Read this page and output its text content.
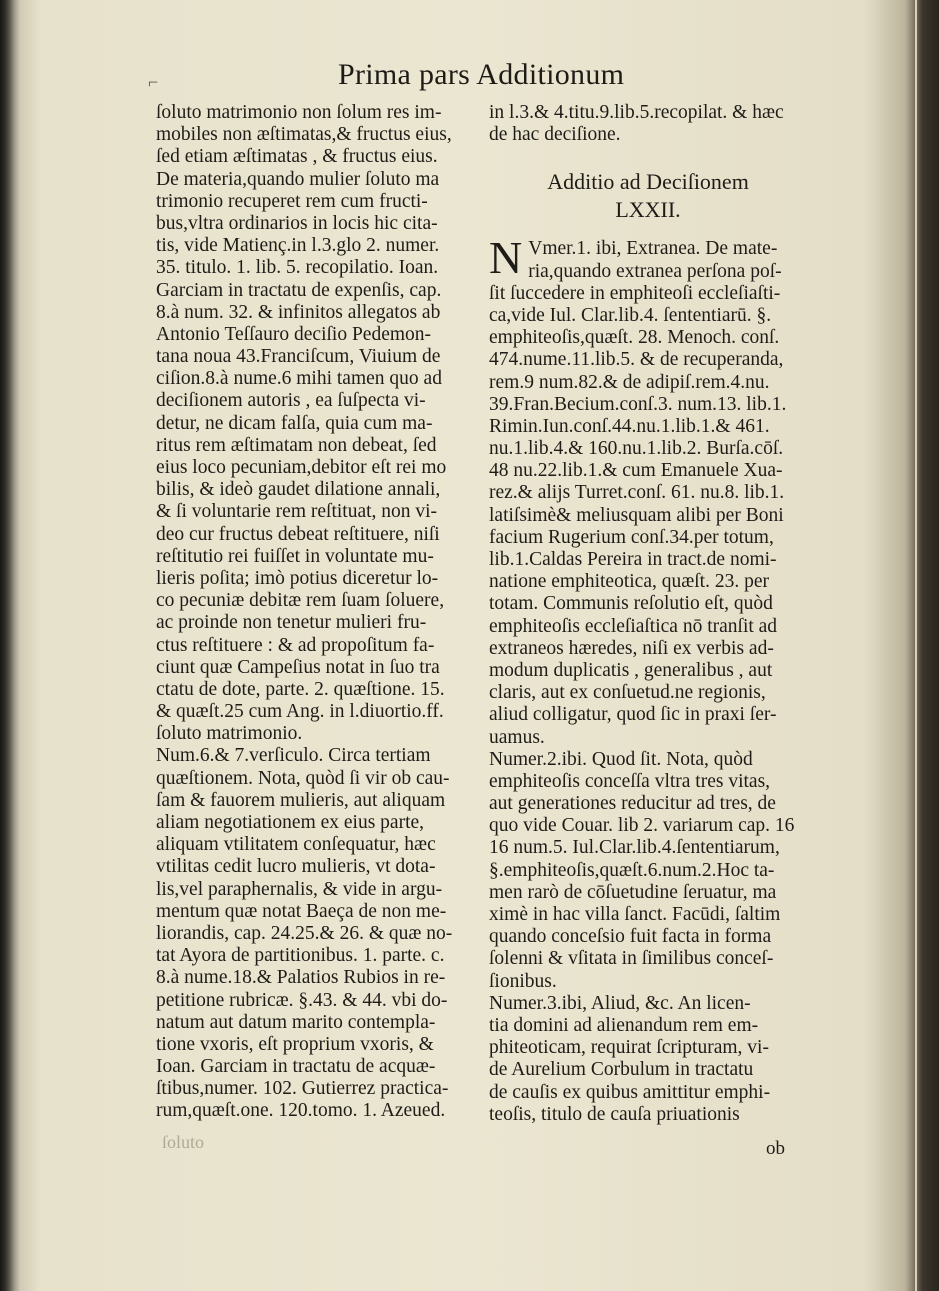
⌐	Prima pars Additionum
ſoluto matrimonio non ſolum res im-
mobiles non æſtimatas,& fructus eius,
ſed etiam æſtimatas , & fructus eius.
De materia,quando mulier ſoluto ma
trimonio recuperet rem cum fructi-
bus,vltra ordinarios in locis hic cita-
tis, vide Matienç.in l.3.glo 2. numer.
35. titulo. 1. lib. 5. recopilatio. Ioan.
Garciam in tractatu de expenſis, cap.
8.à num. 32. & infinitos allegatos ab
Antonio Teſſauro deciſio Pedemon-
tana noua 43.Franciſcum, Viuium de
ciſion.8.à nume.6 mihi tamen quo ad
deciſionem autoris , ea ſuſpecta vi-
detur, ne dicam falſa, quia cum ma-
ritus rem æſtimatam non debeat, ſed
eius loco pecuniam,debitor eſt rei mo
bilis, & ideò gaudet dilatione annali,
& ſi voluntarie rem reſtituat, non vi-
deo cur fructus debeat reſtituere, niſi
reſtitutio rei fuiſſet in voluntate mu-
lieris poſita; imò potius diceretur lo-
co pecuniæ debitæ rem ſuam ſoluere,
ac proinde non tenetur mulieri fru-
ctus reſtituere : & ad propoſitum fa-
ciunt quæ Campeſius notat in ſuo tra
ctatu de dote, parte. 2. quæſtione. 15.
& quæſt.25 cum Ang. in l.diuortio.ff.
ſoluto matrimonio.
Num.6.& 7.verſiculo. Circa tertiam
quæſtionem. Nota, quòd ſi vir ob cau-
ſam & fauorem mulieris, aut aliquam
aliam negotiationem ex eius parte,
aliquam vtilitatem conſequatur, hæc
vtilitas cedit lucro mulieris, vt dota-
lis,vel paraphernalis, & vide in argu-
mentum quæ notat Baeça de non me-
liorandis, cap. 24.25.& 26. & quæ no-
tat Ayora de partitionibus. 1. parte. c.
8.à nume.18.& Palatios Rubios in re-
petitione rubricæ. §.43. & 44. vbi do-
natum aut datum marito contempla-
tione vxoris, eſt proprium vxoris, &
Ioan. Garciam in tractatu de acquæ-
ſtibus,numer. 102. Gutierrez practica-
rum,quæſt.one. 120.tomo. 1. Azeued.
in l.3.& 4.titu.9.lib.5.recopilat. & hæc
de hac deciſione.
Additio ad Deciſionem
LXXII.
N Vmer.1. ibi, Extranea. De mate-
ria,quando extranea perſona poſ-
ſit ſuccedere in emphiteoſi eccleſiaſti-
ca,vide Iul. Clar.lib.4. ſententiarū. §.
emphiteoſis,quæſt. 28. Menoch. conſ.
474.nume.11.lib.5. & de recuperanda,
rem.9 num.82.& de adipiſ.rem.4.nu.
39.Fran.Becium.conſ.3. num.13. lib.1.
Rimin.Iun.conſ.44.nu.1.lib.1.& 461.
nu.1.lib.4.& 160.nu.1.lib.2. Burſa.cōſ.
48 nu.22.lib.1.& cum Emanuele Xua-
rez.& alijs Turret.conſ. 61. nu.8. lib.1.
latiſsimè& meliusquam alibi per Boni
facium Rugerium conſ.34.per totum,
lib.1.Caldas Pereira in tract.de nomi-
natione emphiteotica, quæſt. 23. per
totam. Communis reſolutio eſt, quòd
emphiteoſis eccleſiaſtica nō tranſit ad
extraneos hæredes, niſi ex verbis ad-
modum duplicatis , generalibus , aut
claris, aut ex conſuetud.ne regionis,
aliud colligatur, quod ſic in praxi ſer-
uamus.
Numer.2.ibi. Quod ſit. Nota, quòd
emphiteoſis conceſſa vltra tres vitas,
aut generationes reducitur ad tres, de
quo vide Couar. lib 2. variarum cap. 16
16 num.5. Iul.Clar.lib.4.ſententiarum,
§.emphiteoſis,quæſt.6.num.2.Hoc ta-
men rarò de cōſuetudine ſeruatur, ma
ximè in hac villa ſanct. Facūdi, ſaltim
quando conceſsio fuit facta in forma
ſolenni & vſitata in ſimilibus conceſ-
ſionibus.
Numer.3.ibi, Aliud, &c. An licen-
tia domini ad alienandum rem em-
phiteoticam, requirat ſcripturam, vi-
de Aurelium Corbulum in tractatu
de cauſis ex quibus amittitur emphi-
teoſis, titulo de cauſa priuationis
ſoluto	ob
